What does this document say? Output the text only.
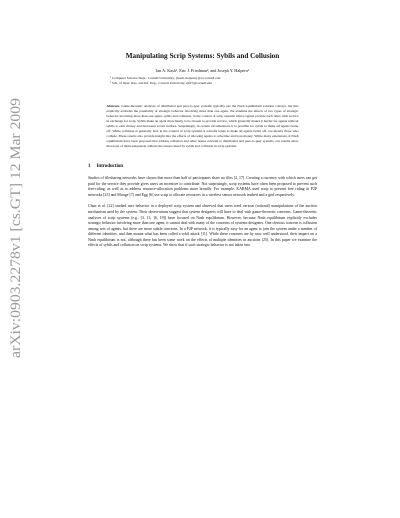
arXiv:0903.2278v1 [cs.GT] 12 Mar 2009
Manipulating Scrip Systems: Sybils and Collusion
Ian A. Kash¹, Eric J. Friedman², and Joseph Y. Halpern¹
¹ Computer Science Dept., Cornell University, {kash, halpern}@cs.cornell.edu
² Sch. of Oper. Res. and Inf. Eng., Cornell University, ejf27@cornell.edu
Abstract. Game-theoretic analyses of distributed and peer-to-peer systems typically use the Nash equilibrium solution concept, but this explicitly excludes the possibility of strategic behavior involving more than one agent. We examine the effects of two types of strategic behavior involving more than one agent, sybils and collusion, in the context of scrip systems where agents provide each other with service in exchange for scrip. Sybils make an agent more likely to be chosen to provide service, which generally makes it harder for agents without sybils to earn money and decreases social welfare. Surprisingly, in certain circumstances it is possible for sybils to make all agents better off. While collusion is generally bad, in the context of scrip systems it actually tends to make all agents better off, not merely those who collude. These results also provide insight into the effects of allowing agents to advertise and loan money. While many extensions of Nash equilibrium have been proposed that address collusion and other issues relevant to distributed and peer-to-peer systems, our results show that none of them adequately address the issues raised by sybils and collusion in scrip systems.
1 Introduction

Studies of filesharing networks have shown that more than half of participants share no files [2, 17]. Creating a currency with which users can get paid for the service they provide gives users an incentive to contribute. Not surprisingly, scrip systems have often been proposed to prevent such free-riding, as well as to address resource-allocation problems more broadly. For example, KARMA used scrip to prevent free riding in P2P networks [23] and Mirage [7] and Egg [6] use scrip to allocate resources in a wireless sensor network testbed and a grid respectively.

Chun et al. [22] studied user behavior in a deployed scrip system and observed that users tried various (rational) manipulations of the auction mechanism used by the system. Their observations suggest that system designers will have to deal with game-theoretic concerns. Game-theoretic analyses of scrip systems (e.g., [3, 13, 16, 19]) have focused on Nash equilibrium. However, because Nash equilibrium explicitly excludes strategic behavior involving more than one agent, it cannot deal with many of the concerns of systems designers. One obvious concern is collusion among sets of agents, but there are more subtle concerns. In a P2P network, it is typically easy for an agent to join the system under a number of different identities, and then mount what has been called a sybil attack [11]. While these concerns are by now well understood, their impact on a Nash equilibrium is not, although there has been some work on the effects of multiple identities in auctions [25]. In this paper we examine the effects of sybils and collusion on scrip systems. We show that if such strategic behavior is not taken into
